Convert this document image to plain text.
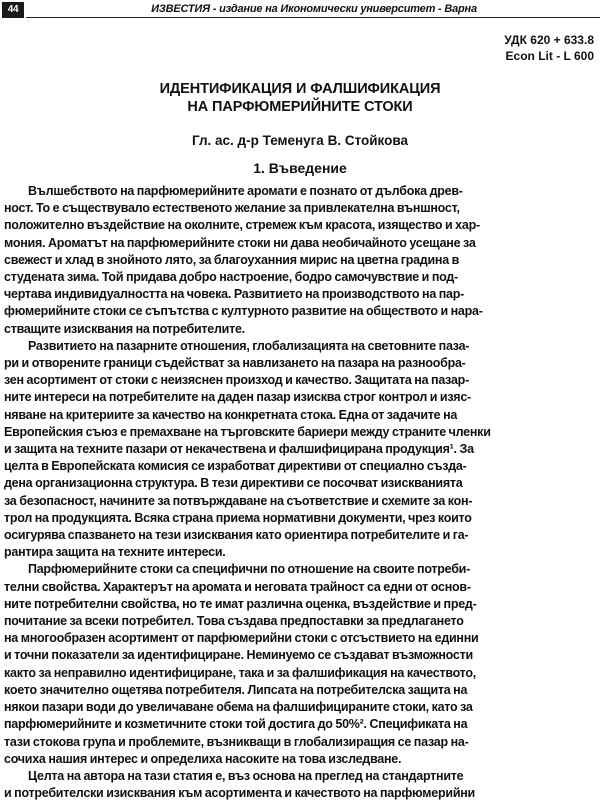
44	ИЗВЕСТИЯ - издание на Икономически университет - Варна
УДК 620 + 633.8
Econ Lit - L 600
ИДЕНТИФИКАЦИЯ И ФАЛШИФИКАЦИЯ
НА ПАРФЮМЕРИЙНИТЕ СТОКИ
Гл. ас. д-р Теменуга В. Стойкова
1. Въведение

Вълшебството на парфюмерийните аромати е познато от дълбока древ-
ност. То е съществувало естественото желание за привлекателна външност,
положително въздействие на околните, стремеж към красота, изящество и хар-
мония. Ароматът на парфюмерийните стоки ни дава необичайното усещане за
свежест и хлад в знойното лято, за благоуханния мирис на цветна градина в
студената зима. Той придава добро настроение, бодро самочувствие и под-
чертава индивидуалността на човека. Развитието на производството на пар-
фюмерийните стоки се съпътства с културното развитие на обществото и нара-
стващите изисквания на потребителите.

Развитието на пазарните отношения, глобализацията на световните паза-
ри и отворените граници съдействат за навлизането на пазара на разнообра-
зен асортимент от стоки с неизяснен произход и качество. Защитата на пазар-
ните интереси на потребителите на даден пазар изисква строг контрол и изяс-
няване на критериите за качество на конкретната стока. Една от задачите на
Европейския съюз е премахване на търговските бариери между страните членки
и защита на техните пазари от некачествена и фалшифицирана продукция¹. За
целта в Европейската комисия се изработват директиви от специално създа-
дена организационна структура. В тези директиви се посочват изискванията
за безопасност, начините за потвърждаване на съответствие и схемите за кон-
трол на продукцията. Всяка страна приема нормативни документи, чрез които
осигурява спазването на тези изисквания като ориентира потребителите и га-
рантира защита на техните интереси.

Парфюмерийните стоки са специфични по отношение на своите потреби-
телни свойства. Характерът на аромата и неговата трайност са едни от основ-
ните потребителни свойства, но те имат различна оценка, въздействие и пред-
почитание за всеки потребител. Това създава предпоставки за предлагането
на многообразен асортимент от парфюмерийни стоки с отсъствието на единни
и точни показатели за идентифициране. Неминуемо се създават възможности
както за неправилно идентифициране, така и за фалшификация на качеството,
което значително ощетява потребителя. Липсата на потребителска защита на
някои пазари води до увеличаване обема на фалшифицираните стоки, като за
парфюмерийните и козметичните стоки той достига до 50%². Спецификата на
тази стокова група и проблемите, възникващи в глобализиращия се пазар на-
сочиха нашия интерес и определиха насоките на това изследване.

Целта на автора на тази статия е, въз основа на преглед на стандартните
и потребителски изисквания към асортимента и качеството на парфюмерийни
